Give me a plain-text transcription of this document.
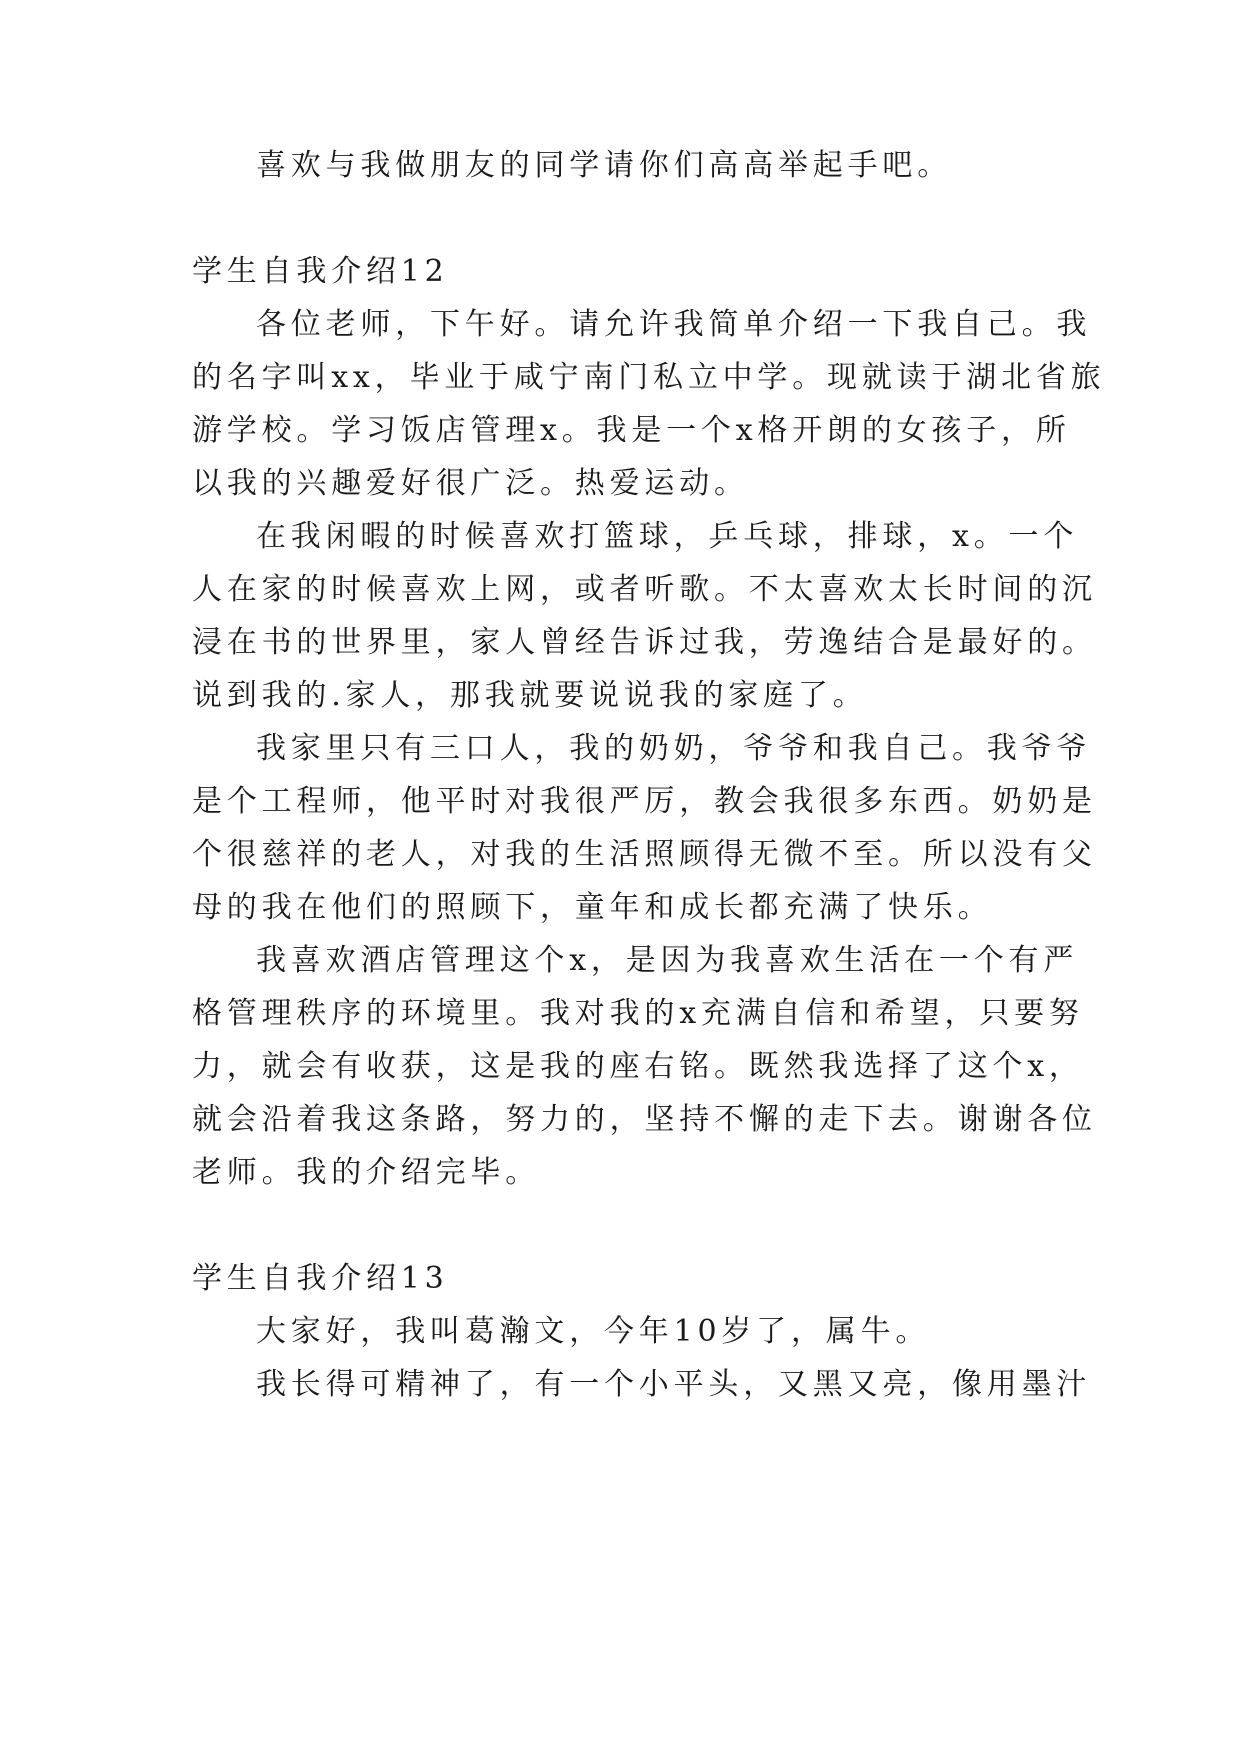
喜欢与我做朋友的同学请你们高高举起手吧。
学生自我介绍12
各位老师，下午好。请允许我简单介绍一下我自己。我
的名字叫xx，毕业于咸宁南门私立中学。现就读于湖北省旅
游学校。学习饭店管理x。我是一个x格开朗的女孩子，所
以我的兴趣爱好很广泛。热爱运动。
在我闲暇的时候喜欢打篮球，乒乓球，排球，x。一个
人在家的时候喜欢上网，或者听歌。不太喜欢太长时间的沉
浸在书的世界里，家人曾经告诉过我，劳逸结合是最好的。
说到我的.家人，那我就要说说我的家庭了。
我家里只有三口人，我的奶奶，爷爷和我自己。我爷爷
是个工程师，他平时对我很严厉，教会我很多东西。奶奶是
个很慈祥的老人，对我的生活照顾得无微不至。所以没有父
母的我在他们的照顾下，童年和成长都充满了快乐。
我喜欢酒店管理这个x，是因为我喜欢生活在一个有严
格管理秩序的环境里。我对我的x充满自信和希望，只要努
力，就会有收获，这是我的座右铭。既然我选择了这个x，
就会沿着我这条路，努力的，坚持不懈的走下去。谢谢各位
老师。我的介绍完毕。
学生自我介绍13
大家好，我叫葛瀚文，今年10岁了，属牛。
我长得可精神了，有一个小平头，又黑又亮，像用墨汁
